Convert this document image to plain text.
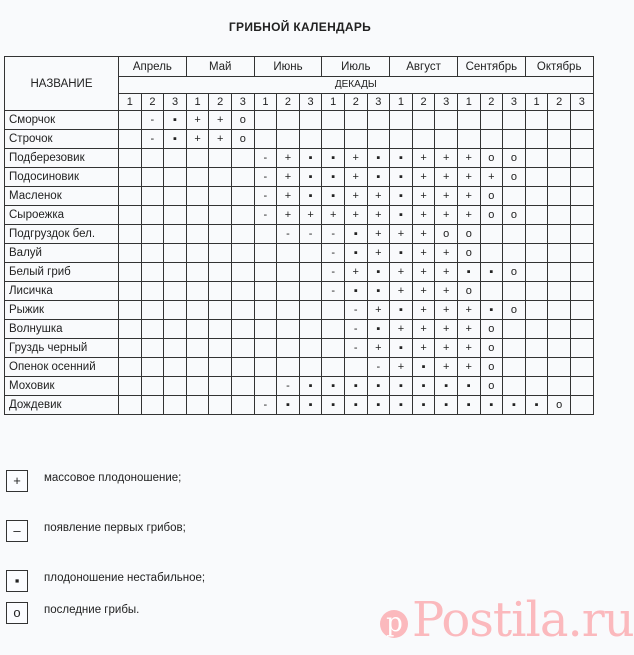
ГРИБНОЙ КАЛЕНДАРЬ
НАЗВАНИЕ	Апрель			Май			Июнь			Июль			Август			Сентябрь			Октябрь		
	ДЕКАДЫ																				
	1	2	3	1	2	3	1	2	3	1	2	3	1	2	3	1	2	3	1	2	3
Сморчок		-	▪	+	+	o															
Строчок		-	▪	+	+	o															
Подберезовик							-	+	▪	▪	+	▪	▪	+	+	+	o	o			
Подосиновик							-	+	▪	▪	+	▪	▪	+	+	+	+	o			
Масленок							-	+	▪	▪	+	+	▪	+	+	+	o				
Сыроежка							-	+	+	+	+	+	▪	+	+	+	o	o			
Подгруздок бел.								-	-	-	▪	+	+	+	o	o					
Валуй										-	▪	+	▪	+	+	o					
Белый гриб										-	+	▪	+	+	+	▪	▪	o			
Лисичка										-	▪	▪	+	+	+	o					
Рыжик											-	+	▪	+	+	+	▪	o			
Волнушка											-	▪	+	+	+	+	o				
Груздь черный											-	+	▪	+	+	+	o				
Опенок осенний												-	+	▪	+	+	o				
Моховик								-	▪	▪	▪	▪	▪	▪	▪	▪	o				
Дождевик							-	▪	▪	▪	▪	▪	▪	▪	▪	▪	▪	▪	▪	o	
+	массовое плодоношение;
–	появление первых грибов;
▪	плодоношение нестабильное;
o	последние грибы.	p Postila.ru
